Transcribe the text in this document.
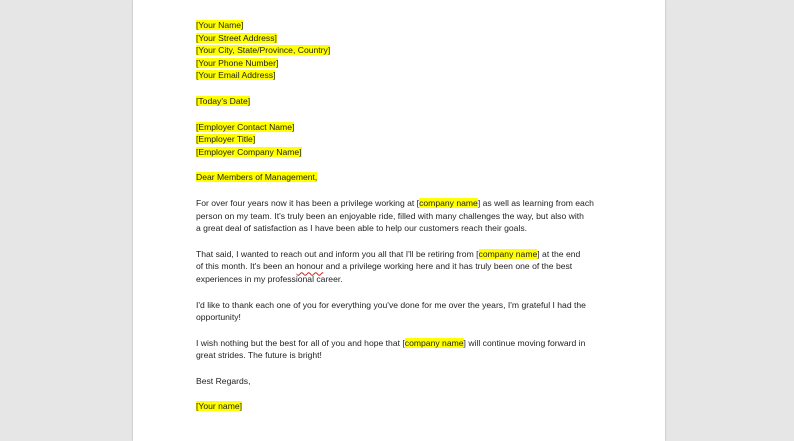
[Your Name]
[Your Street Address]
[Your City, State/Province, Country]
[Your Phone Number]
[Your Email Address]
[Today's Date]
[Employer Contact Name]
[Employer Title]
[Employer Company Name]
Dear Members of Management,
For over four years now it has been a privilege working at [company name] as well as learning from each
person on my team. It's truly been an enjoyable ride, filled with many challenges the way, but also with
a great deal of satisfaction as I have been able to help our customers reach their goals.
That said, I wanted to reach out and inform you all that I'll be retiring from [company name] at the end
of this month. It's been an honour and a privilege working here and it has truly been one of the best
experiences in my professional career.
I'd like to thank each one of you for everything you've done for me over the years, I'm grateful I had the
opportunity!
I wish nothing but the best for all of you and hope that [company name] will continue moving forward in
great strides. The future is bright!
Best Regards,
[Your name]
